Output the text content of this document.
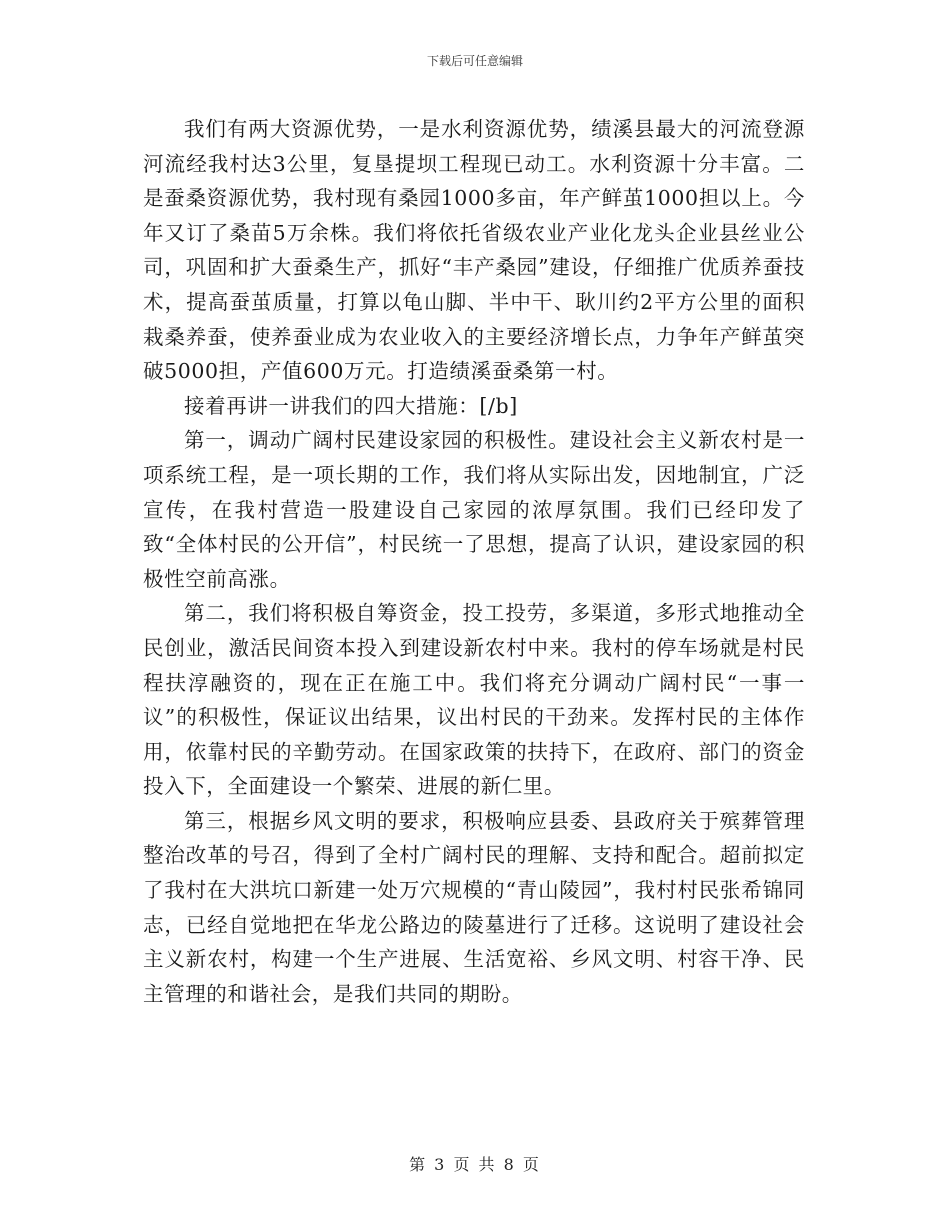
下载后可任意编辑

我们有两大资源优势，一是水利资源优势，绩溪县最大的河流登源河流经我村达3公里，复垦提坝工程现已动工。水利资源十分丰富。二是蚕桑资源优势，我村现有桑园1000多亩，年产鲜茧1000担以上。今年又订了桑苗5万余株。我们将依托省级农业产业化龙头企业县丝业公司，巩固和扩大蚕桑生产，抓好“丰产桑园”建设，仔细推广优质养蚕技术，提高蚕茧质量，打算以龟山脚、半中干、耿川约2平方公里的面积栽桑养蚕，使养蚕业成为农业收入的主要经济增长点，力争年产鲜茧突破5000担，产值600万元。打造绩溪蚕桑第一村。

接着再讲一讲我们的四大措施：[/b]

第一，调动广阔村民建设家园的积极性。建设社会主义新农村是一项系统工程，是一项长期的工作，我们将从实际出发，因地制宜，广泛宣传，在我村营造一股建设自己家园的浓厚氛围。我们已经印发了致“全体村民的公开信”，村民统一了思想，提高了认识，建设家园的积极性空前高涨。

第二，我们将积极自筹资金，投工投劳，多渠道，多形式地推动全民创业，激活民间资本投入到建设新农村中来。我村的停车场就是村民程扶淳融资的，现在正在施工中。我们将充分调动广阔村民“一事一议”的积极性，保证议出结果，议出村民的干劲来。发挥村民的主体作用，依靠村民的辛勤劳动。在国家政策的扶持下，在政府、部门的资金投入下，全面建设一个繁荣、进展的新仁里。

第三，根据乡风文明的要求，积极响应县委、县政府关于殡葬管理整治改革的号召，得到了全村广阔村民的理解、支持和配合。超前拟定了我村在大洪坑口新建一处万穴规模的“青山陵园”，我村村民张希锦同志，已经自觉地把在华龙公路边的陵墓进行了迁移。这说明了建设社会主义新农村，构建一个生产进展、生活宽裕、乡风文明、村容干净、民主管理的和谐社会，是我们共同的期盼。

第 3 页 共 8 页
